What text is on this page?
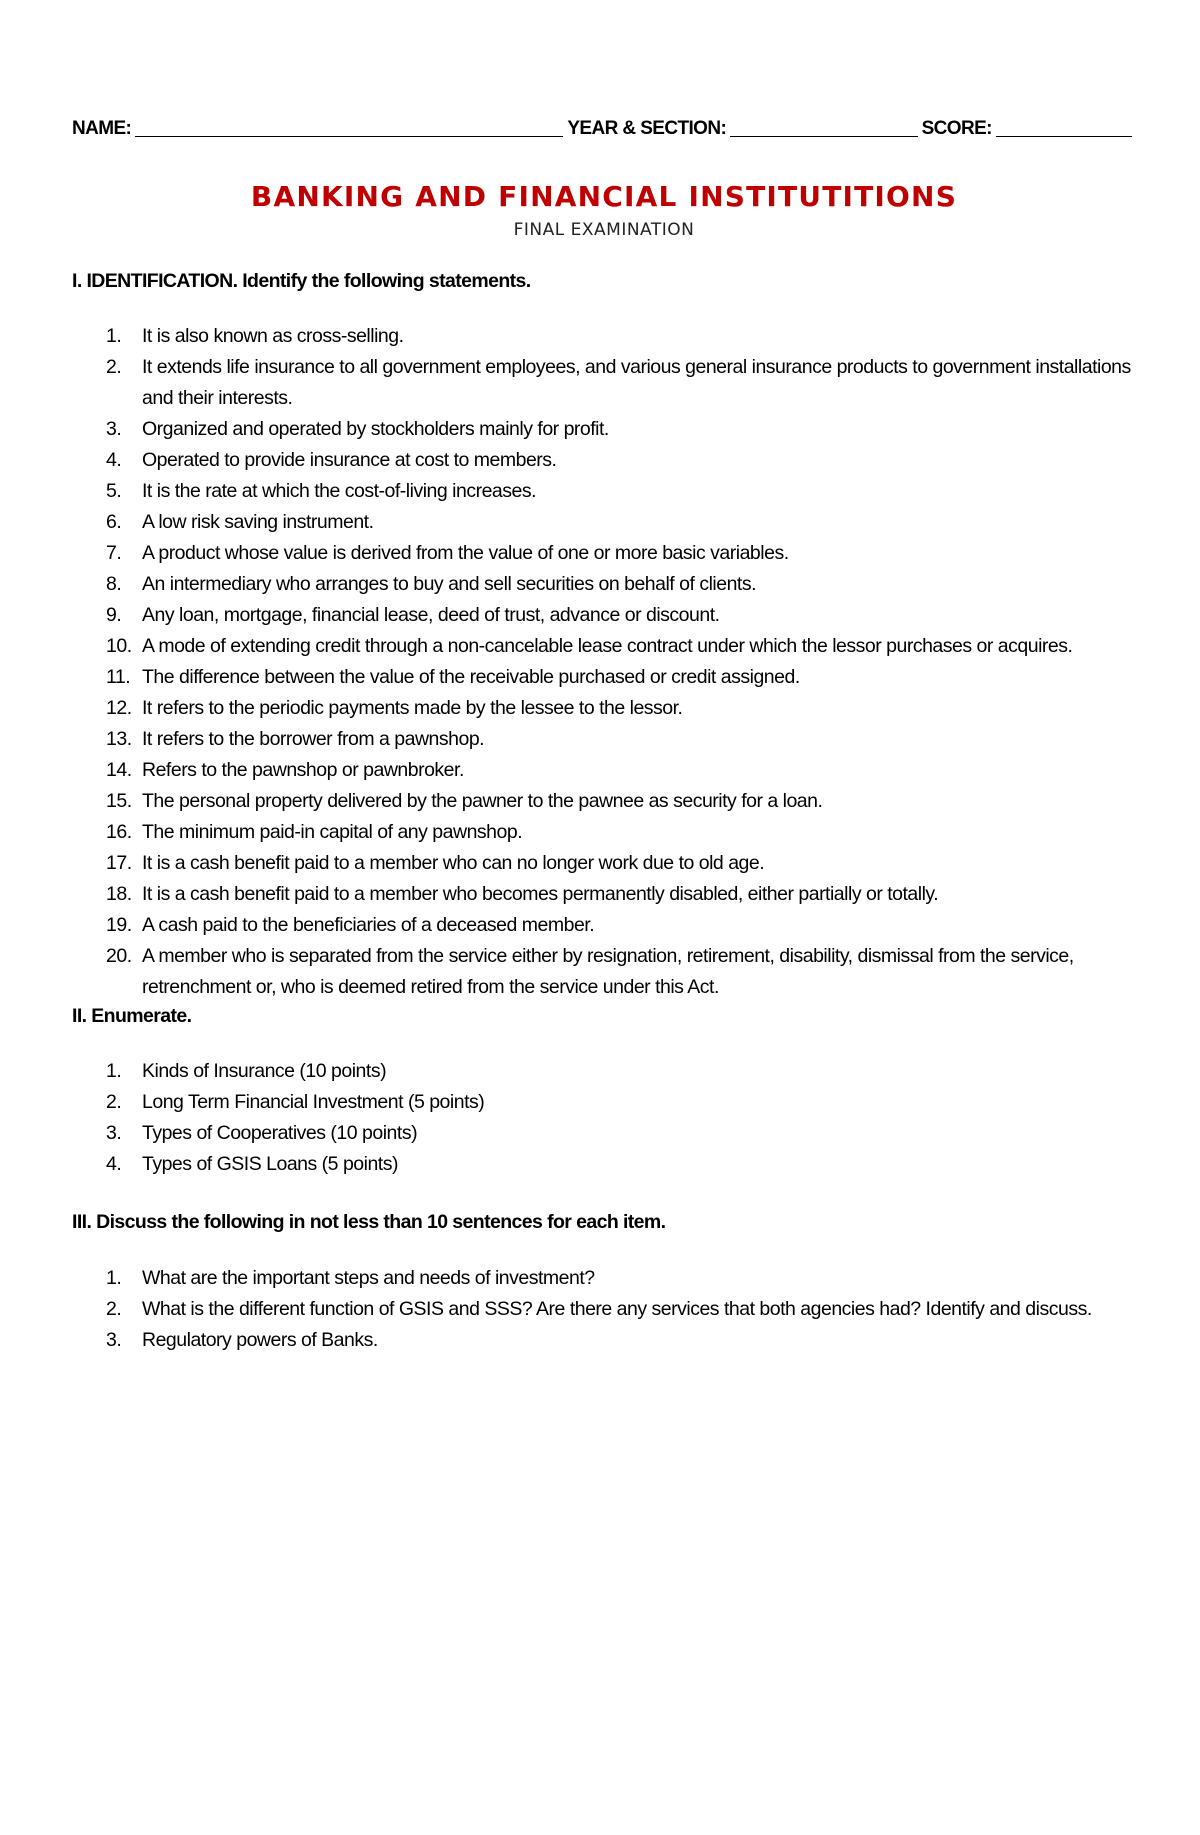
NAME:	YEAR & SECTION:	SCORE:
BANKING AND FINANCIAL INSTITUTITIONS
FINAL EXAMINATION
I. IDENTIFICATION. Identify the following statements.
1. It is also known as cross-selling.
2. It extends life insurance to all government employees, and various general insurance products to government installations and their interests.
3. Organized and operated by stockholders mainly for profit.
4. Operated to provide insurance at cost to members.
5. It is the rate at which the cost-of-living increases.
6. A low risk saving instrument.
7. A product whose value is derived from the value of one or more basic variables.
8. An intermediary who arranges to buy and sell securities on behalf of clients.
9. Any loan, mortgage, financial lease, deed of trust, advance or discount.
10. A mode of extending credit through a non-cancelable lease contract under which the lessor purchases or acquires.
11. The difference between the value of the receivable purchased or credit assigned.
12. It refers to the periodic payments made by the lessee to the lessor.
13. It refers to the borrower from a pawnshop.
14. Refers to the pawnshop or pawnbroker.
15. The personal property delivered by the pawner to the pawnee as security for a loan.
16. The minimum paid-in capital of any pawnshop.
17. It is a cash benefit paid to a member who can no longer work due to old age.
18. It is a cash benefit paid to a member who becomes permanently disabled, either partially or totally.
19. A cash paid to the beneficiaries of a deceased member.
20. A member who is separated from the service either by resignation, retirement, disability, dismissal from the service, retrenchment or, who is deemed retired from the service under this Act.
II. Enumerate.
1. Kinds of Insurance (10 points)
2. Long Term Financial Investment (5 points)
3. Types of Cooperatives (10 points)
4. Types of GSIS Loans (5 points)
III. Discuss the following in not less than 10 sentences for each item.
1. What are the important steps and needs of investment?
2. What is the different function of GSIS and SSS? Are there any services that both agencies had? Identify and discuss.
3. Regulatory powers of Banks.
